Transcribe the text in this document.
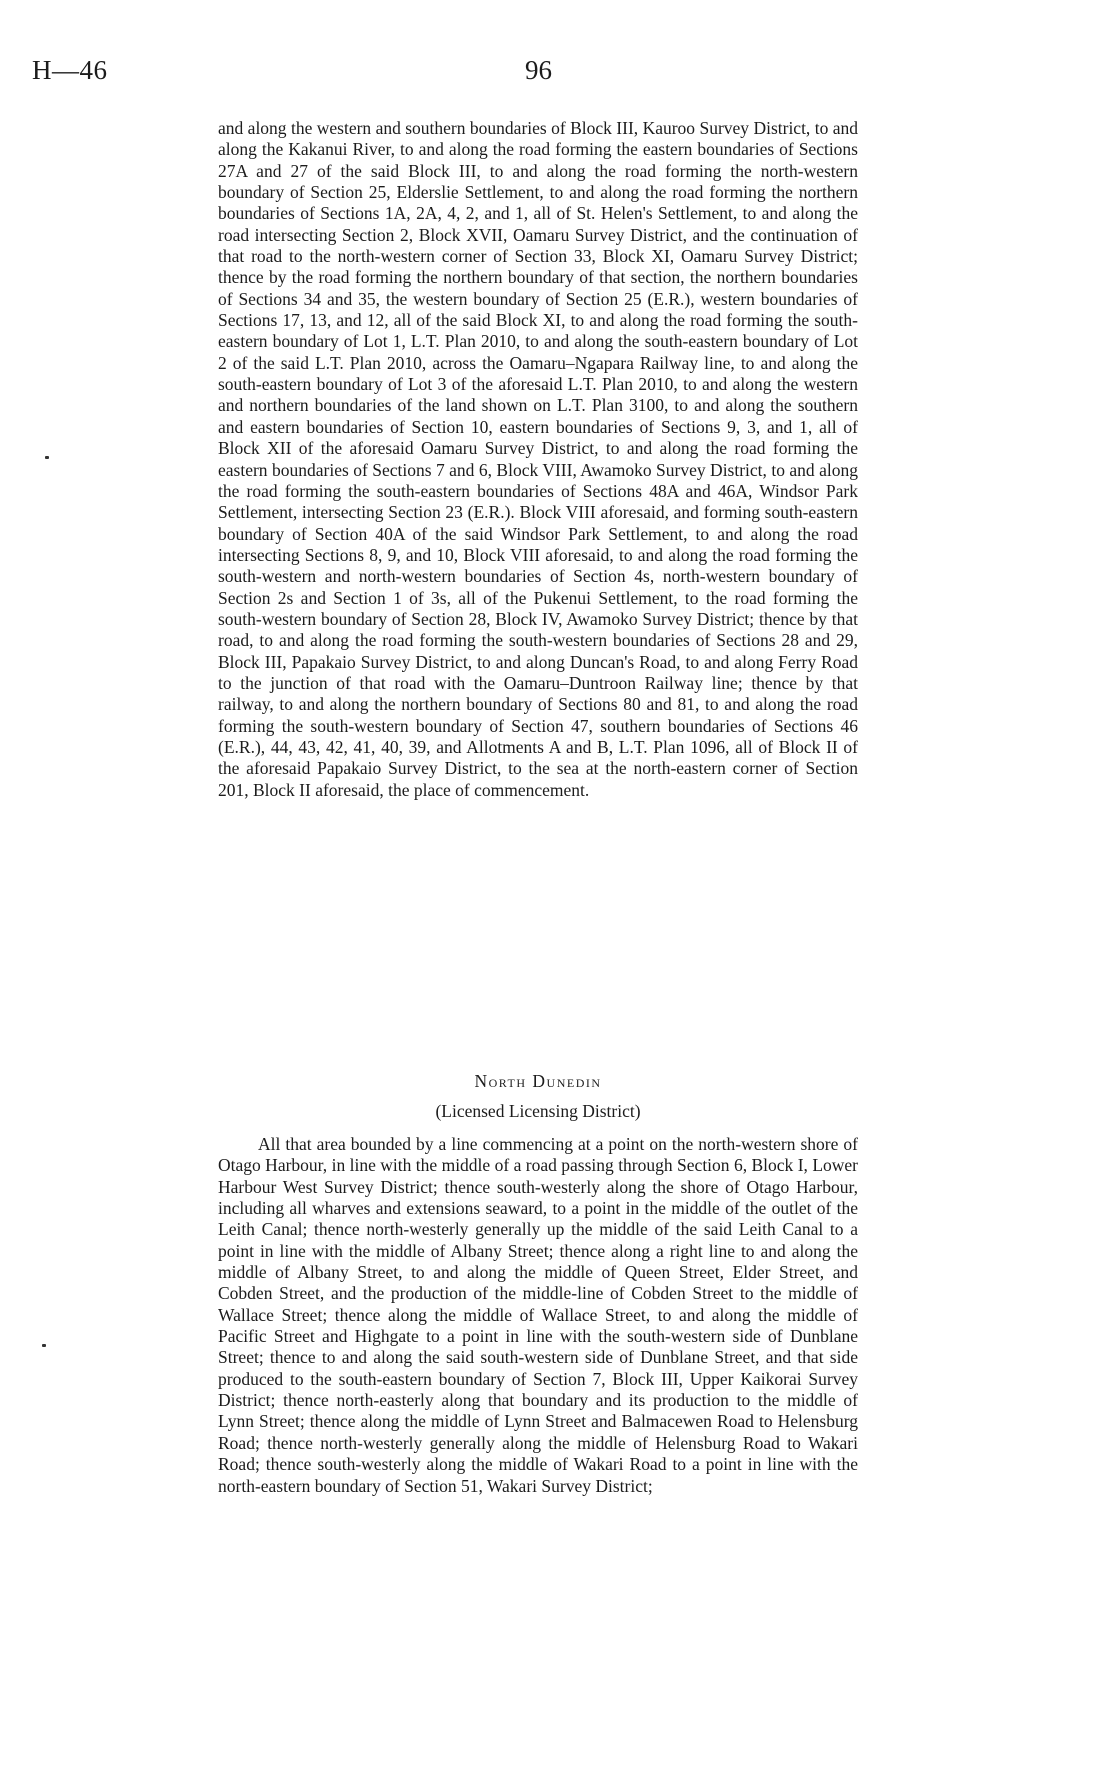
H—46	96

and along the western and southern boundaries of Block III, Kauroo Survey District, to and along the Kakanui River, to and along the road forming the eastern boundaries of Sections 27A and 27 of the said Block III, to and along the road forming the north-western boundary of Section 25, Elderslie Settlement, to and along the road forming the northern boundaries of Sections 1A, 2A, 4, 2, and 1, all of St. Helen's Settlement, to and along the road intersecting Section 2, Block XVII, Oamaru Survey District, and the continuation of that road to the north-western corner of Section 33, Block XI, Oamaru Survey District; thence by the road forming the northern boundary of that section, the northern boundaries of Sections 34 and 35, the western boundary of Section 25 (E.R.), western boundaries of Sections 17, 13, and 12, all of the said Block XI, to and along the road forming the south-eastern boundary of Lot 1, L.T. Plan 2010, to and along the south-eastern boundary of Lot 2 of the said L.T. Plan 2010, across the Oamaru–Ngapara Railway line, to and along the south-eastern boundary of Lot 3 of the aforesaid L.T. Plan 2010, to and along the western and northern boundaries of the land shown on L.T. Plan 3100, to and along the southern and eastern boundaries of Section 10, eastern boundaries of Sections 9, 3, and 1, all of Block XII of the aforesaid Oamaru Survey District, to and along the road forming the eastern boundaries of Sections 7 and 6, Block VIII, Awamoko Survey District, to and along the road forming the south-eastern boundaries of Sections 48A and 46A, Windsor Park Settlement, intersecting Section 23 (E.R.). Block VIII aforesaid, and forming south-eastern boundary of Section 40A of the said Windsor Park Settlement, to and along the road intersecting Sections 8, 9, and 10, Block VIII aforesaid, to and along the road forming the south-western and north-western boundaries of Section 4s, north-western boundary of Section 2s and Section 1 of 3s, all of the Pukenui Settlement, to the road forming the south-western boundary of Section 28, Block IV, Awamoko Survey District; thence by that road, to and along the road forming the south-western boundaries of Sections 28 and 29, Block III, Papakaio Survey District, to and along Duncan's Road, to and along Ferry Road to the junction of that road with the Oamaru–Duntroon Railway line; thence by that railway, to and along the northern boundary of Sections 80 and 81, to and along the road forming the south-western boundary of Section 47, southern boundaries of Sections 46 (E.R.), 44, 43, 42, 41, 40, 39, and Allotments A and B, L.T. Plan 1096, all of Block II of the aforesaid Papakaio Survey District, to the sea at the north-eastern corner of Section 201, Block II aforesaid, the place of commencement.

North Dunedin
(Licensed Licensing District)

All that area bounded by a line commencing at a point on the north-western shore of Otago Harbour, in line with the middle of a road passing through Section 6, Block I, Lower Harbour West Survey District; thence south-westerly along the shore of Otago Harbour, including all wharves and extensions seaward, to a point in the middle of the outlet of the Leith Canal; thence north-westerly generally up the middle of the said Leith Canal to a point in line with the middle of Albany Street; thence along a right line to and along the middle of Albany Street, to and along the middle of Queen Street, Elder Street, and Cobden Street, and the production of the middle-line of Cobden Street to the middle of Wallace Street; thence along the middle of Wallace Street, to and along the middle of Pacific Street and Highgate to a point in line with the south-western side of Dunblane Street; thence to and along the said south-western side of Dunblane Street, and that side produced to the south-eastern boundary of Section 7, Block III, Upper Kaikorai Survey District; thence north-easterly along that boundary and its production to the middle of Lynn Street; thence along the middle of Lynn Street and Balmacewen Road to Helensburg Road; thence north-westerly generally along the middle of Helensburg Road to Wakari Road; thence south-westerly along the middle of Wakari Road to a point in line with the north-eastern boundary of Section 51, Wakari Survey District;
